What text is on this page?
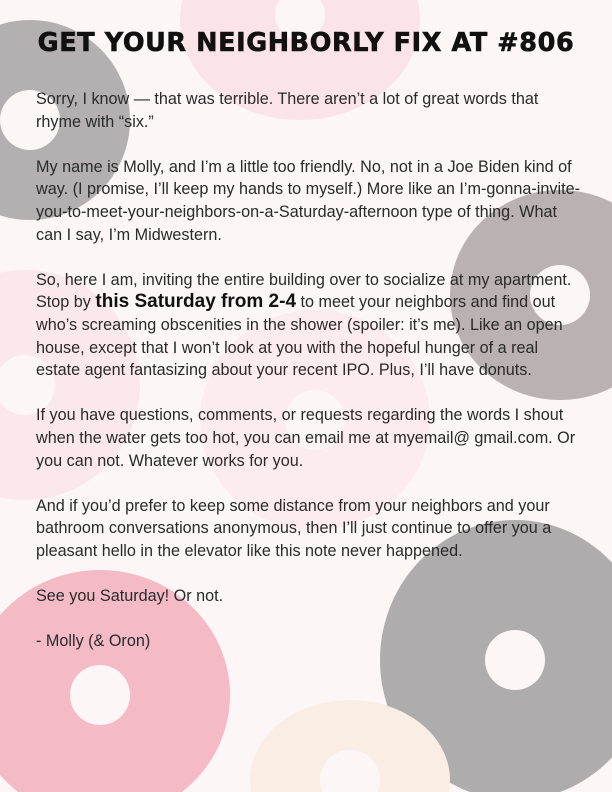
GET YOUR NEIGHBORLY FIX AT #806

Sorry, I know — that was terrible. There aren’t a lot of great words that rhyme with “six.”

My name is Molly, and I’m a little too friendly. No, not in a Joe Biden kind of way. (I promise, I’ll keep my hands to myself.) More like an I’m-gonna-invite-you-to-meet-your-neighbors-on-a-Saturday-afternoon type of thing. What can I say, I’m Midwestern.

So, here I am, inviting the entire building over to socialize at my apartment. Stop by this Saturday from 2-4 to meet your neighbors and find out who’s screaming obscenities in the shower (spoiler: it’s me). Like an open house, except that I won’t look at you with the hopeful hunger of a real estate agent fantasizing about your recent IPO. Plus, I’ll have donuts.

If you have questions, comments, or requests regarding the words I shout when the water gets too hot, you can email me at myemail@ gmail.com. Or you can not. Whatever works for you.

And if you’d prefer to keep some distance from your neighbors and your bathroom conversations anonymous, then I’ll just continue to offer you a pleasant hello in the elevator like this note never happened.

See you Saturday! Or not.

- Molly (& Oron)
